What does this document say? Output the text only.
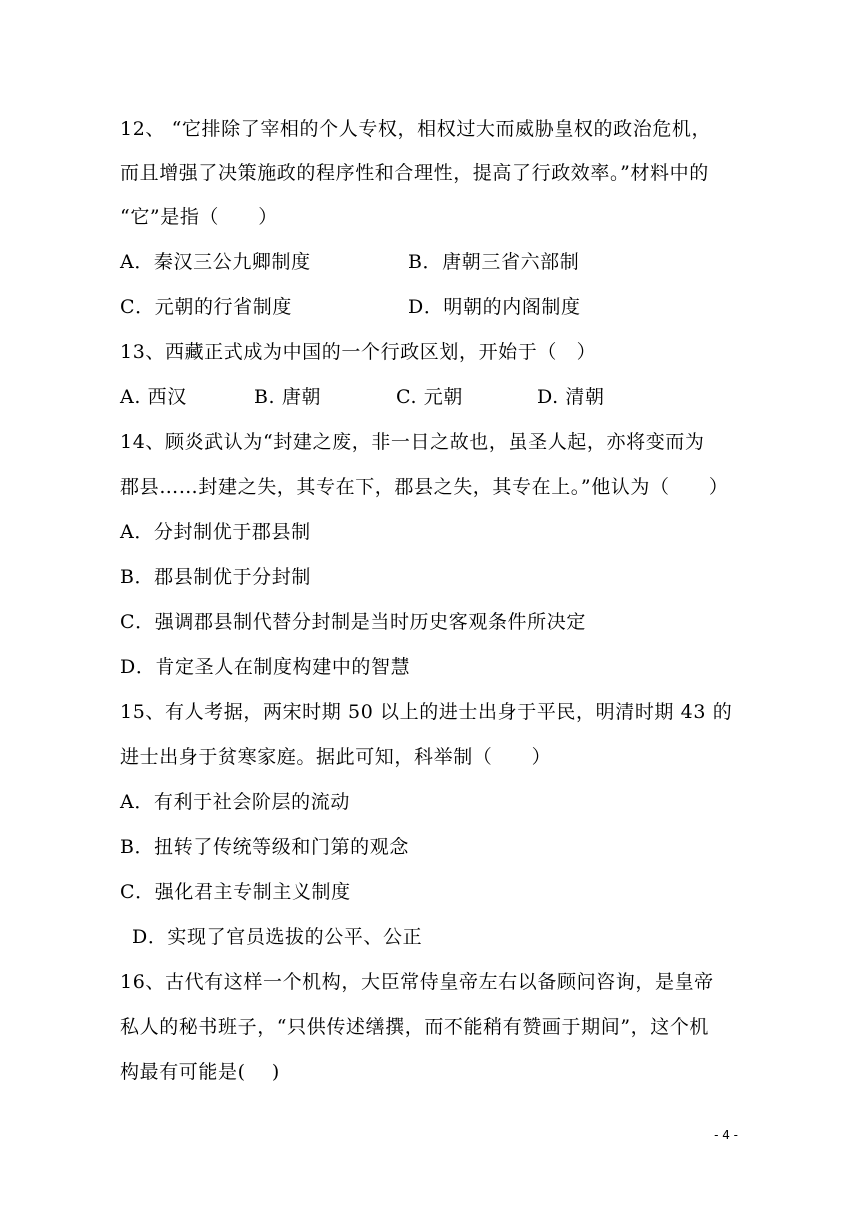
12、 “它排除了宰相的个人专权，相权过大而威胁皇权的政治危机，
而且增强了决策施政的程序性和合理性，提高了行政效率。”材料中的
“它”是指（　　）
A．秦汉三公九卿制度	B．唐朝三省六部制
C．元朝的行省制度	D．明朝的内阁制度
13、西藏正式成为中国的一个行政区划，开始于（　）
A. 西汉	B. 唐朝	C. 元朝	D. 清朝
14、顾炎武认为“封建之废，非一日之故也，虽圣人起，亦将变而为
郡县……封建之失，其专在下，郡县之失，其专在上。”他认为（　　）
A．分封制优于郡县制
B．郡县制优于分封制
C．强调郡县制代替分封制是当时历史客观条件所决定
D．肯定圣人在制度构建中的智慧
15、有人考据，两宋时期 50 以上的进士出身于平民，明清时期 43 的
进士出身于贫寒家庭。据此可知，科举制（　　）
A．有利于社会阶层的流动
B．扭转了传统等级和门第的观念
C．强化君主专制主义制度
D．实现了官员选拔的公平、公正
16、古代有这样一个机构，大臣常侍皇帝左右以备顾问咨询，是皇帝
私人的秘书班子，“只供传述缮撰，而不能稍有赞画于期间”，这个机
构最有可能是(　 )
- 4 -
